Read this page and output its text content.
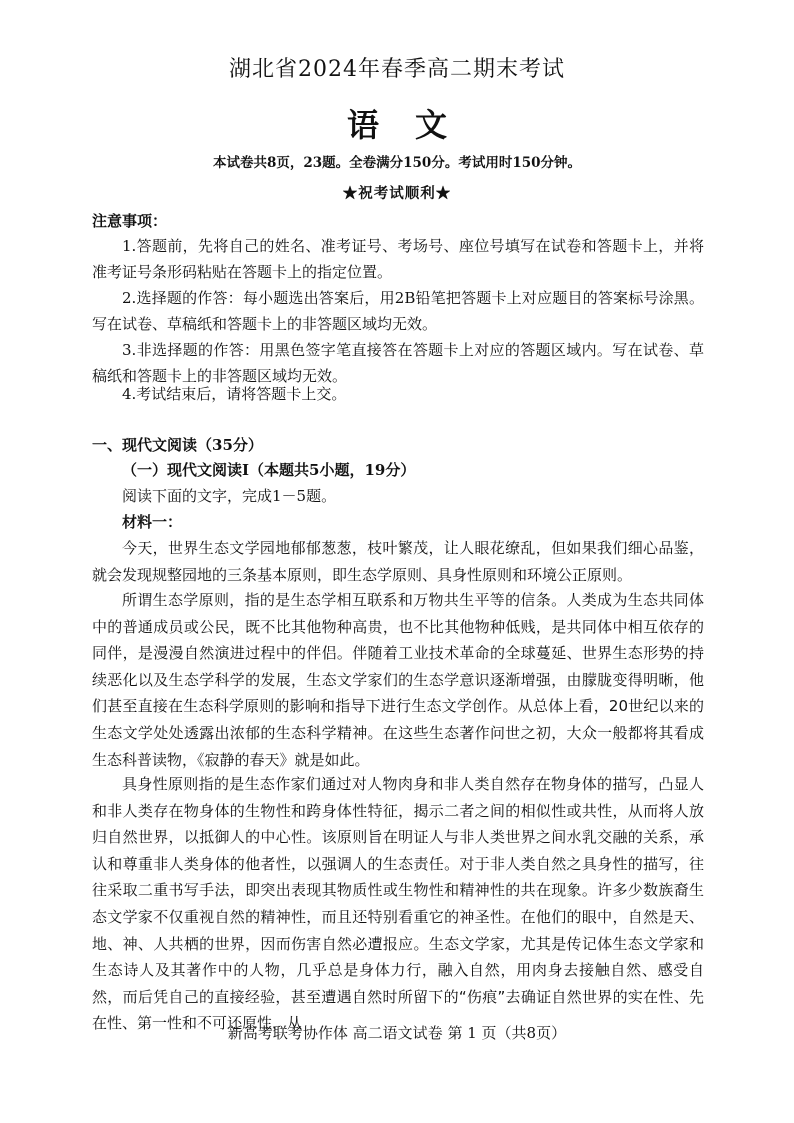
湖北省2024年春季高二期末考试
语文
本试卷共8页，23题。全卷满分150分。考试用时150分钟。
★祝考试顺利★
注意事项：
1.答题前，先将自己的姓名、准考证号、考场号、座位号填写在试卷和答题卡上，并将准考证号条形码粘贴在答题卡上的指定位置。
2.选择题的作答：每小题选出答案后，用2B铅笔把答题卡上对应题目的答案标号涂黑。写在试卷、草稿纸和答题卡上的非答题区域均无效。
3.非选择题的作答：用黑色签字笔直接答在答题卡上对应的答题区域内。写在试卷、草稿纸和答题卡上的非答题区域均无效。
4.考试结束后，请将答题卡上交。
一、现代文阅读（35分）
（一）现代文阅读Ⅰ（本题共5小题，19分）
阅读下面的文字，完成1－5题。
材料一：
今天，世界生态文学园地郁郁葱葱，枝叶繁茂，让人眼花缭乱，但如果我们细心品鉴，就会发现规整园地的三条基本原则，即生态学原则、具身性原则和环境公正原则。
所谓生态学原则，指的是生态学相互联系和万物共生平等的信条。人类成为生态共同体中的普通成员或公民，既不比其他物种高贵，也不比其他物种低贱，是共同体中相互依存的同伴，是漫漫自然演进过程中的伴侣。伴随着工业技术革命的全球蔓延、世界生态形势的持续恶化以及生态学科学的发展，生态文学家们的生态学意识逐渐增强，由朦胧变得明晰，他们甚至直接在生态科学原则的影响和指导下进行生态文学创作。从总体上看，20世纪以来的生态文学处处透露出浓郁的生态科学精神。在这些生态著作问世之初，大众一般都将其看成生态科普读物，《寂静的春天》就是如此。
具身性原则指的是生态作家们通过对人物肉身和非人类自然存在物身体的描写，凸显人和非人类存在物身体的生物性和跨身体性特征，揭示二者之间的相似性或共性，从而将人放归自然世界，以抵御人的中心性。该原则旨在明证人与非人类世界之间水乳交融的关系，承认和尊重非人类身体的他者性，以强调人的生态责任。对于非人类自然之具身性的描写，往往采取二重书写手法，即突出表现其物质性或生物性和精神性的共在现象。许多少数族裔生态文学家不仅重视自然的精神性，而且还特别看重它的神圣性。在他们的眼中，自然是天、地、神、人共栖的世界，因而伤害自然必遭报应。生态文学家，尤其是传记体生态文学家和生态诗人及其著作中的人物，几乎总是身体力行，融入自然，用肉身去接触自然、感受自然，而后凭自己的直接经验，甚至遭遇自然时所留下的“伤痕”去确证自然世界的实在性、先在性、第一性和不可还原性，从
新高考联考协作体 高二语文试卷 第 1 页（共8页）
